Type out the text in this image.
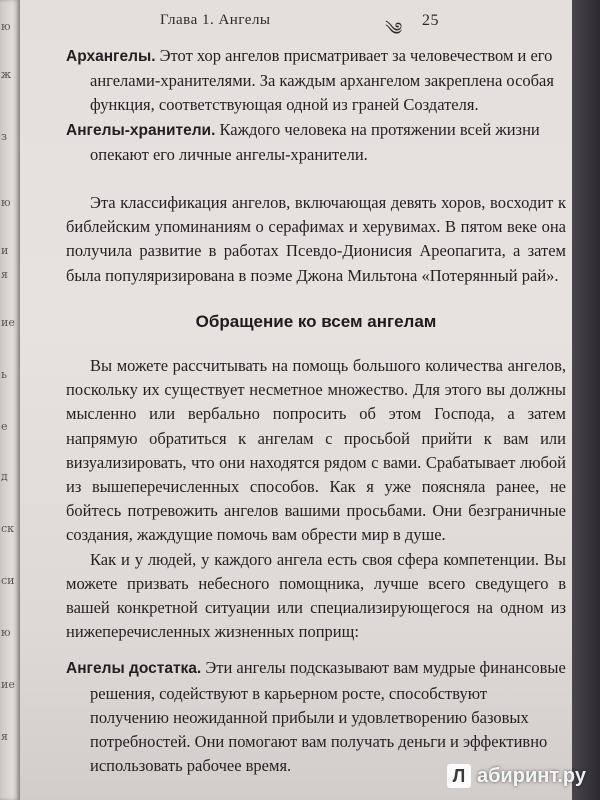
ю
ж
з
ю
и
я
ие
ь
е
д
ск
си
ю
ие
я
Глава 1. Ангелы	༄ 25

Архангелы. Этот хор ангелов присматривает за человечеством и его ангелами-хранителями. За каждым архангелом закреплена особая функция, соответствующая одной из граней Создателя.

Ангелы-хранители. Каждого человека на протяжении всей жизни опекают его личные ангелы-хранители.

Эта классификация ангелов, включающая девять хоров, восходит к библейским упоминаниям о серафимах и херувимах. В пятом веке она получила развитие в работах Псевдо-Дионисия Ареопагита, а затем была популяризирована в поэме Джона Мильтона «Потерянный рай».

Обращение ко всем ангелам

Вы можете рассчитывать на помощь большого количества ангелов, поскольку их существует несметное множество. Для этого вы должны мысленно или вербально попросить об этом Господа, а затем напрямую обратиться к ангелам с просьбой прийти к вам или визуализировать, что они находятся рядом с вами. Срабатывает любой из вышеперечисленных способов. Как я уже поясняла ранее, не бойтесь потревожить ангелов вашими просьбами. Они безграничные создания, жаждущие помочь вам обрести мир в душе.

Как и у людей, у каждого ангела есть своя сфера компетенции. Вы можете призвать небесного помощника, лучше всего сведущего в вашей конкретной ситуации или специализирующегося на одном из нижеперечисленных жизненных поприщ:

Ангелы достатка. Эти ангелы подсказывают вам мудрые финансовые решения, содействуют в карьерном росте, способствуют получению неожиданной прибыли и удовлетворению базовых потребностей. Они помогают вам получать деньги и эффективно использовать рабочее время.

Л абиринт.ру
